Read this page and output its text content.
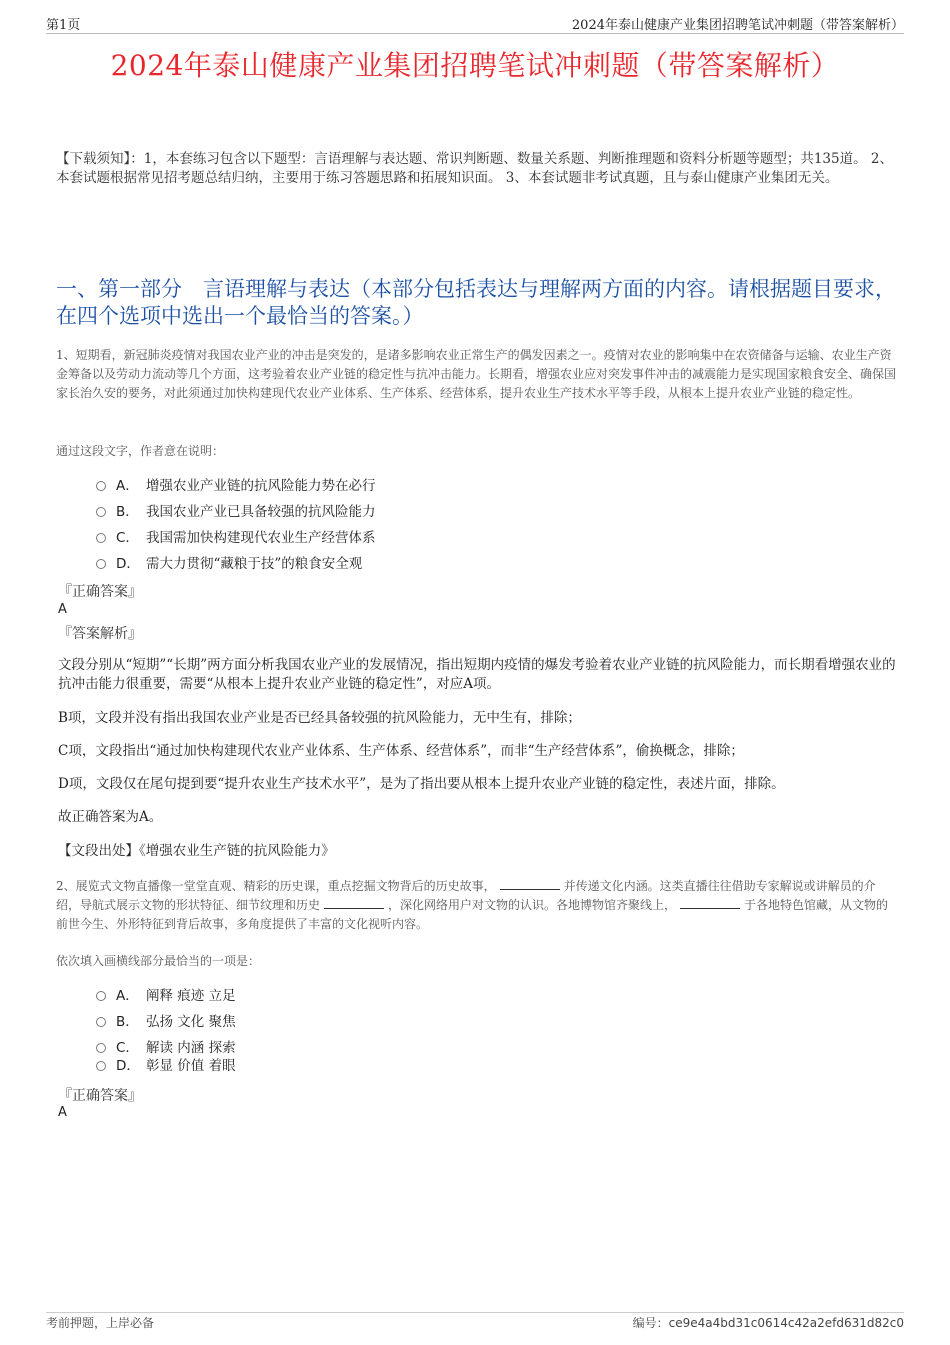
第1页	2024年泰山健康产业集团招聘笔试冲刺题（带答案解析）
2024年泰山健康产业集团招聘笔试冲刺题（带答案解析）
【下载须知】：1，本套练习包含以下题型：言语理解与表达题、常识判断题、数量关系题、判断推理题和资料分析题等题型；共135道。 2、本套试题根据常见招考题总结归纳，主要用于练习答题思路和拓展知识面。 3、本套试题非考试真题，且与泰山健康产业集团无关。
一、第一部分　言语理解与表达（本部分包括表达与理解两方面的内容。请根据题目要求，在四个选项中选出一个最恰当的答案。）
1、短期看，新冠肺炎疫情对我国农业产业的冲击是突发的，是诸多影响农业正常生产的偶发因素之一。疫情对农业的影响集中在农资储备与运输、农业生产资金筹备以及劳动力流动等几个方面，这考验着农业产业链的稳定性与抗冲击能力。长期看，增强农业应对突发事件冲击的减震能力是实现国家粮食安全、确保国家长治久安的要务，对此须通过加快构建现代农业产业体系、生产体系、经营体系，提升农业生产技术水平等手段，从根本上提升农业产业链的稳定性。
通过这段文字，作者意在说明：
A． 增强农业产业链的抗风险能力势在必行
B． 我国农业产业已具备较强的抗风险能力
C． 我国需加快构建现代农业生产经营体系
D． 需大力贯彻“藏粮于技”的粮食安全观
『正确答案』
A
『答案解析』
文段分别从“短期”“长期”两方面分析我国农业产业的发展情况，指出短期内疫情的爆发考验着农业产业链的抗风险能力，而长期看增强农业的抗冲击能力很重要，需要“从根本上提升农业产业链的稳定性”，对应A项。
B项，文段并没有指出我国农业产业是否已经具备较强的抗风险能力，无中生有，排除；
C项，文段指出“通过加快构建现代农业产业体系、生产体系、经营体系”，而非“生产经营体系”，偷换概念，排除；
D项，文段仅在尾句提到要“提升农业生产技术水平”，是为了指出要从根本上提升农业产业链的稳定性，表述片面，排除。
故正确答案为A。
【文段出处】《增强农业生产链的抗风险能力》
2、展览式文物直播像一堂堂直观、精彩的历史课，重点挖掘文物背后的历史故事，	并传递文化内涵。这类直播往往借助专家解说或讲解员的介绍，导航式展示文物的形状特征、细节纹理和历史	，深化网络用户对文物的认识。各地博物馆齐聚线上，	于各地特色馆藏，从文物的前世今生、外形特征到背后故事，多角度提供了丰富的文化视听内容。
依次填入画横线部分最恰当的一项是：
A． 阐释 痕迹 立足
B． 弘扬 文化 聚焦
C． 解读 内涵 探索
D． 彰显 价值 着眼
『正确答案』
A
考前押题，上岸必备	编号：ce9e4a4bd31c0614c42a2efd631d82c0
